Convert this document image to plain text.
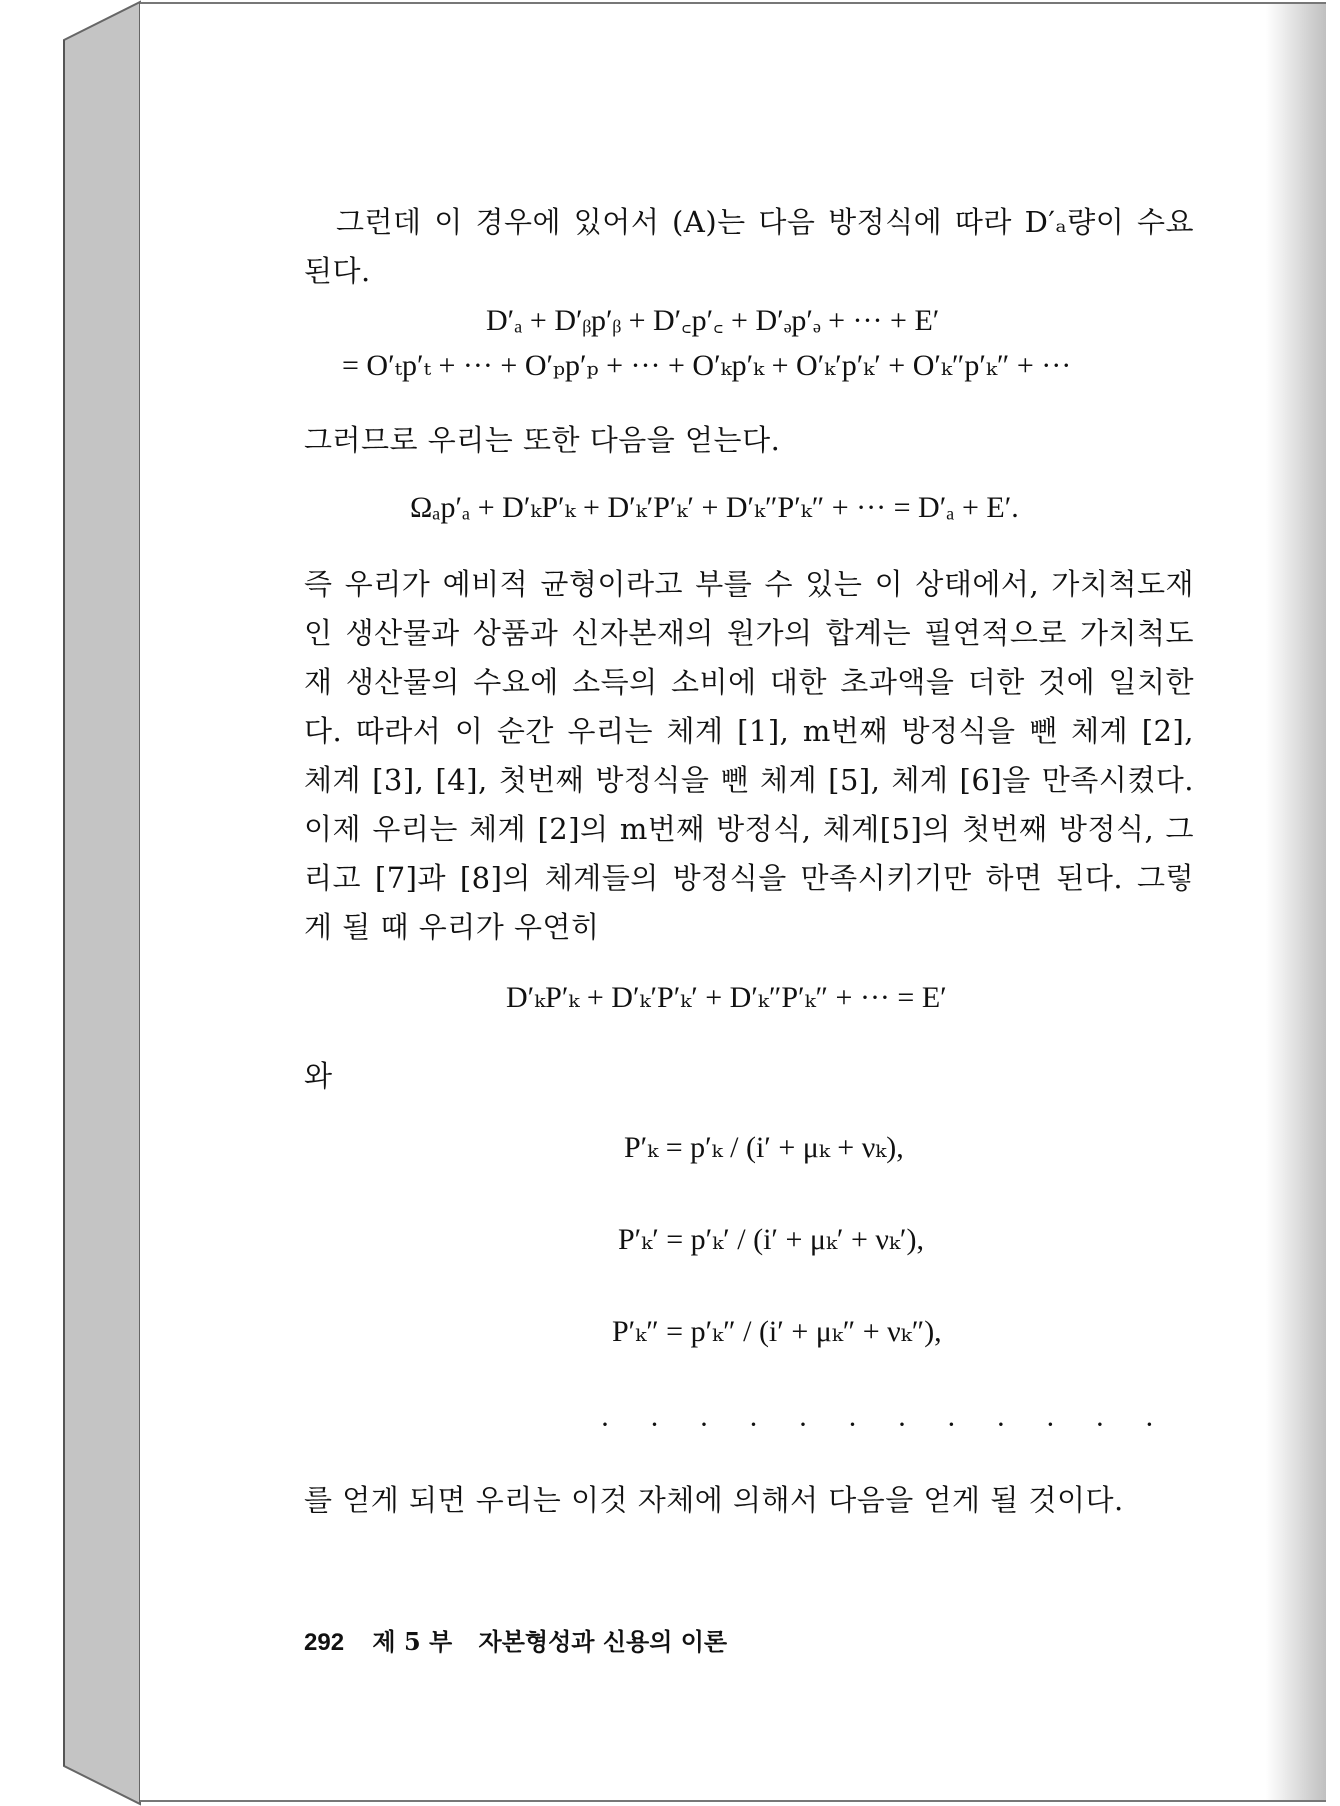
그런데 이 경우에 있어서 (A)는 다음 방정식에 따라 D′ₐ량이 수요
된다.
D′ₐ + D′ᵦp′ᵦ + D′꜀p′꜀ + D′ₔp′ₔ + ··· + E′
= O′ₜp′ₜ + ··· + O′ₚp′ₚ + ··· + O′ₖp′ₖ + O′ₖ′p′ₖ′ + O′ₖ″p′ₖ″ + ···
그러므로 우리는 또한 다음을 얻는다.
Ωₐp′ₐ + D′ₖP′ₖ + D′ₖ′P′ₖ′ + D′ₖ″P′ₖ″ + ··· = D′ₐ + E′.
즉 우리가 예비적 균형이라고 부를 수 있는 이 상태에서, 가치척도재
인 생산물과 상품과 신자본재의 원가의 합계는 필연적으로 가치척도
재 생산물의 수요에 소득의 소비에 대한 초과액을 더한 것에 일치한
다. 따라서 이 순간 우리는 체계 [1], m번째 방정식을 뺀 체계 [2],
체계 [3], [4], 첫번째 방정식을 뺀 체계 [5], 체계 [6]을 만족시켰다.
이제 우리는 체계 [2]의 m번째 방정식, 체계[5]의 첫번째 방정식, 그
리고 [7]과 [8]의 체계들의 방정식을 만족시키기만 하면 된다. 그렇
게 될 때 우리가 우연히
D′ₖP′ₖ + D′ₖ′P′ₖ′ + D′ₖ″P′ₖ″ + ··· = E′
와
P′ₖ = p′ₖ / (i′ + μₖ + νₖ),
P′ₖ′ = p′ₖ′ / (i′ + μₖ′ + νₖ′),
P′ₖ″ = p′ₖ″ / (i′ + μₖ″ + νₖ″),
· · · · · · · · · · · ·
를 얻게 되면 우리는 이것 자체에 의해서 다음을 얻게 될 것이다.
292 제 5 부 자본형성과 신용의 이론
